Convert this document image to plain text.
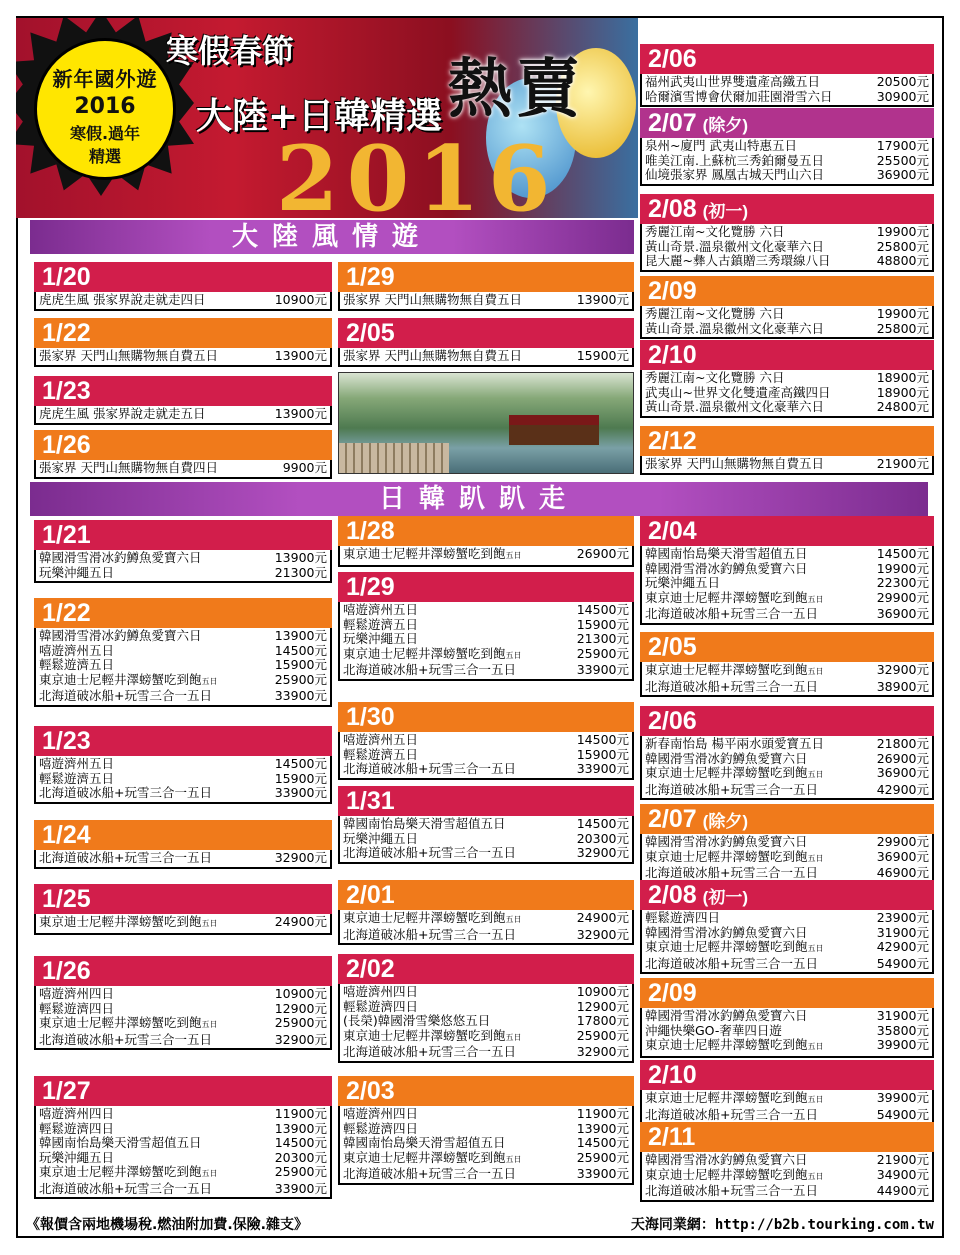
新年國外遊
2016
寒假.過年
精選
寒假春節
大陸+日韓精選 熱賣
2016
大陸風情遊
日韓趴趴走
1/20
虎虎生風 張家界說走就走四日	10900元
1/22
張家界 天門山無購物無自費五日	13900元
1/23
虎虎生風 張家界說走就走五日	13900元
1/26
張家界 天門山無購物無自費四日	9900元
1/29
張家界 天門山無購物無自費五日	13900元
2/05
張家界 天門山無購物無自費五日	15900元
2/06
福州武夷山世界雙遺產高鐵五日	20500元
哈爾濱雪博會伏爾加莊園滑雪六日	30900元
2/07 (除夕)
泉州~廈門 武夷山特惠五日	17900元
唯美江南.上蘇杭三秀鉑爾曼五日	25500元
仙境張家界 鳳凰古城天門山六日	36900元
2/08 (初一)
秀麗江南~文化覽勝 六日	19900元
黃山奇景.溫泉徽州文化豪華六日	25800元
昆大麗~彝人古鎮贈三秀環線八日	48800元
2/09
秀麗江南~文化覽勝 六日	19900元
黃山奇景.溫泉徽州文化豪華六日	25800元
2/10
秀麗江南~文化覽勝 六日	18900元
武夷山~世界文化雙遺產高鐵四日	18900元
黃山奇景.溫泉徽州文化豪華六日	24800元
2/12
張家界 天門山無購物無自費五日	21900元
1/21
韓國滑雪滑冰釣鱒魚愛寶六日	13900元
玩樂沖繩五日	21300元
1/22
韓國滑雪滑冰釣鱒魚愛寶六日	13900元
嘻遊濟州五日	14500元
輕鬆遊濟五日	15900元
東京迪士尼輕井澤螃蟹吃到飽五日	25900元
北海道破冰船+玩雪三合一五日	33900元
1/23
嘻遊濟州五日	14500元
輕鬆遊濟五日	15900元
北海道破冰船+玩雪三合一五日	33900元
1/24
北海道破冰船+玩雪三合一五日	32900元
1/25
東京迪士尼輕井澤螃蟹吃到飽五日	24900元
1/26
嘻遊濟州四日	10900元
輕鬆遊濟四日	12900元
東京迪士尼輕井澤螃蟹吃到飽五日	25900元
北海道破冰船+玩雪三合一五日	32900元
1/27
嘻遊濟州四日	11900元
輕鬆遊濟四日	13900元
韓國南怡島樂天滑雪超值五日	14500元
玩樂沖繩五日	20300元
東京迪士尼輕井澤螃蟹吃到飽五日	25900元
北海道破冰船+玩雪三合一五日	33900元
1/28
東京迪士尼輕井澤螃蟹吃到飽五日	26900元
1/29
嘻遊濟州五日	14500元
輕鬆遊濟五日	15900元
玩樂沖繩五日	21300元
東京迪士尼輕井澤螃蟹吃到飽五日	25900元
北海道破冰船+玩雪三合一五日	33900元
1/30
嘻遊濟州五日	14500元
輕鬆遊濟五日	15900元
北海道破冰船+玩雪三合一五日	33900元
1/31
韓國南怡島樂天滑雪超值五日	14500元
玩樂沖繩五日	20300元
北海道破冰船+玩雪三合一五日	32900元
2/01
東京迪士尼輕井澤螃蟹吃到飽五日	24900元
北海道破冰船+玩雪三合一五日	32900元
2/02
嘻遊濟州四日	10900元
輕鬆遊濟四日	12900元
(長榮)韓國滑雪樂悠悠五日	17800元
東京迪士尼輕井澤螃蟹吃到飽五日	25900元
北海道破冰船+玩雪三合一五日	32900元
2/03
嘻遊濟州四日	11900元
輕鬆遊濟四日	13900元
韓國南怡島樂天滑雪超值五日	14500元
東京迪士尼輕井澤螃蟹吃到飽五日	25900元
北海道破冰船+玩雪三合一五日	33900元
2/04
韓國南怡島樂天滑雪超值五日	14500元
韓國滑雪滑冰釣鱒魚愛寶六日	19900元
玩樂沖繩五日	22300元
東京迪士尼輕井澤螃蟹吃到飽五日	29900元
北海道破冰船+玩雪三合一五日	36900元
2/05
東京迪士尼輕井澤螃蟹吃到飽五日	32900元
北海道破冰船+玩雪三合一五日	38900元
2/06
新春南怡島 楊平兩水頭愛寶五日	21800元
韓國滑雪滑冰釣鱒魚愛寶六日	26900元
東京迪士尼輕井澤螃蟹吃到飽五日	36900元
北海道破冰船+玩雪三合一五日	42900元
2/07 (除夕)
韓國滑雪滑冰釣鱒魚愛寶六日	29900元
東京迪士尼輕井澤螃蟹吃到飽五日	36900元
北海道破冰船+玩雪三合一五日	46900元
2/08 (初一)
輕鬆遊濟四日	23900元
韓國滑雪滑冰釣鱒魚愛寶六日	31900元
東京迪士尼輕井澤螃蟹吃到飽五日	42900元
北海道破冰船+玩雪三合一五日	54900元
2/09
韓國滑雪滑冰釣鱒魚愛寶六日	31900元
沖繩快樂GO-奢華四日遊	35800元
東京迪士尼輕井澤螃蟹吃到飽五日	39900元
2/10
東京迪士尼輕井澤螃蟹吃到飽五日	39900元
北海道破冰船+玩雪三合一五日	54900元
2/11
韓國滑雪滑冰釣鱒魚愛寶六日	21900元
東京迪士尼輕井澤螃蟹吃到飽五日	34900元
北海道破冰船+玩雪三合一五日	44900元
《報價含兩地機場稅.燃油附加費.保險.雜支》	天海同業網：http://b2b.tourking.com.tw
